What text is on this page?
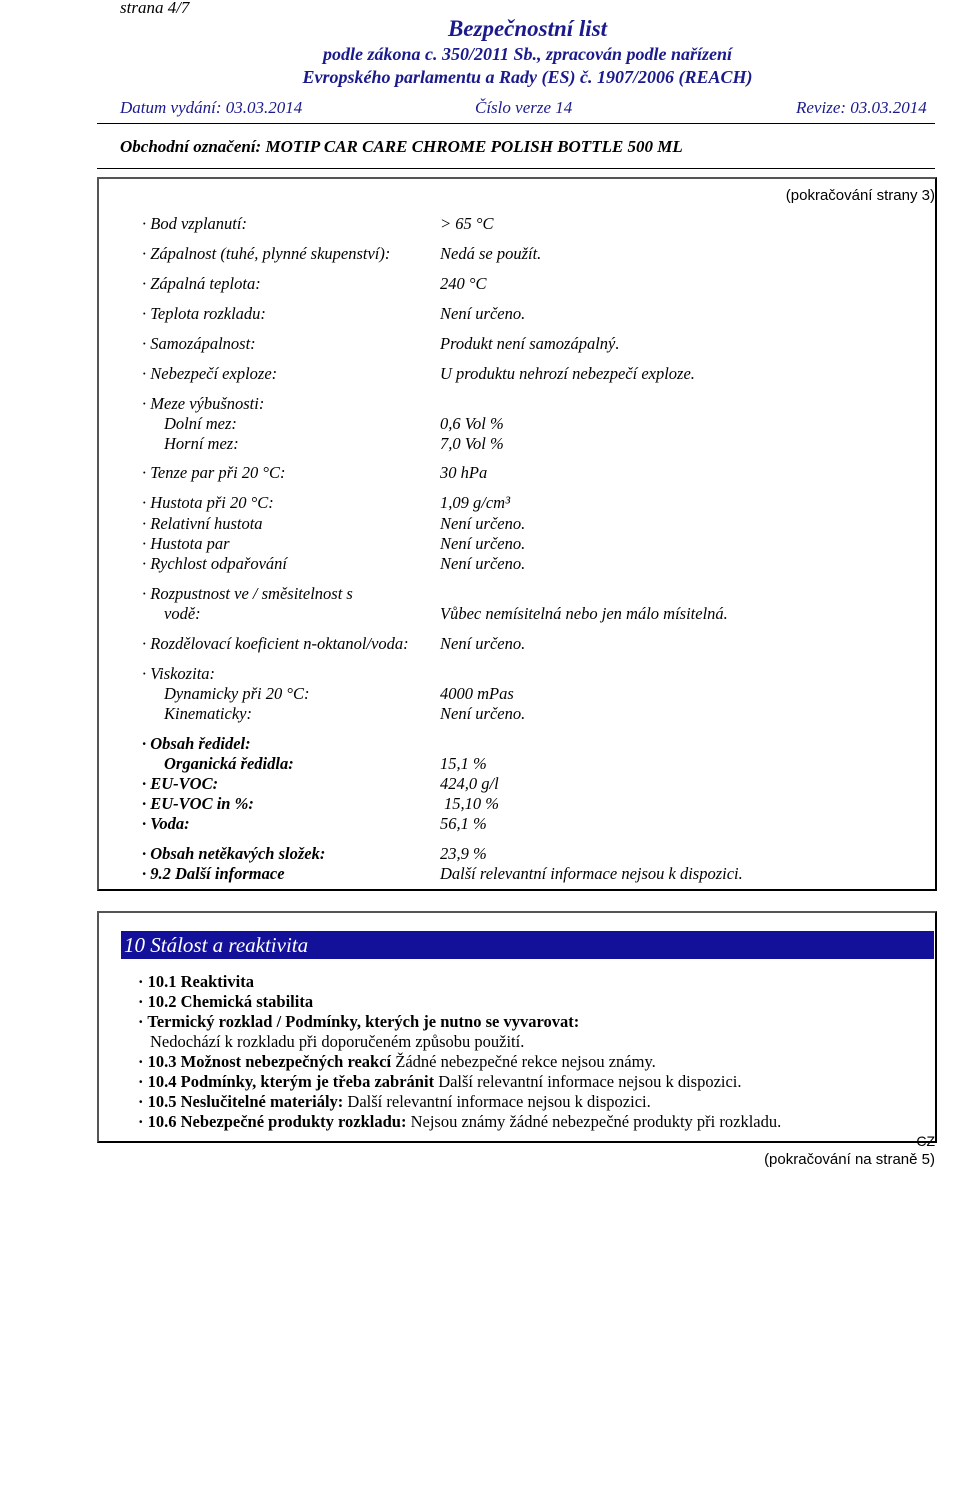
strana 4/7
Bezpečnostní list
podle zákona c. 350/2011 Sb., zpracován podle nařízení
Evropského parlamentu a Rady (ES) č. 1907/2006 (REACH)
Datum vydání: 03.03.2014	Číslo verze 14	Revize: 03.03.2014
Obchodní označení: MOTIP CAR CARE CHROME POLISH BOTTLE 500 ML
(pokračování strany 3)
· Bod vzplanutí:	> 65 °C
· Zápalnost (tuhé, plynné skupenství):	Nedá se použít.
· Zápalná teplota:	240 °C
· Teplota rozkladu:	Není určeno.
· Samozápalnost:	Produkt není samozápalný.
· Nebezpečí exploze:	U produktu nehrozí nebezpečí exploze.
· Meze výbušnosti:
Dolní mez:	0,6 Vol %
Horní mez:	7,0 Vol %
· Tenze par při 20 °C:	30 hPa
· Hustota při 20 °C:	1,09 g/cm³
· Relativní hustota	Není určeno.
· Hustota par	Není určeno.
· Rychlost odpařování	Není určeno.
· Rozpustnost ve / směsitelnost s
vodě:	Vůbec nemísitelná nebo jen málo mísitelná.
· Rozdělovací koeficient n-oktanol/voda: Není určeno.
· Viskozita:
Dynamicky při 20 °C:	4000 mPas
Kinematicky:	Není určeno.
· Obsah ředidel:
Organická ředidla:	15,1 %
· EU-VOC:	424,0 g/l
· EU-VOC in %:	15,10 %
· Voda:	56,1 %
· Obsah netěkavých složek:	23,9 %
· 9.2 Další informace	Další relevantní informace nejsou k dispozici.
10 Stálost a reaktivita
· 10.1 Reaktivita
· 10.2 Chemická stabilita
· Termický rozklad / Podmínky, kterých je nutno se vyvarovat:
Nedochází k rozkladu při doporučeném způsobu použití.
· 10.3 Možnost nebezpečných reakcí Žádné nebezpečné rekce nejsou známy.
· 10.4 Podmínky, kterým je třeba zabránit Další relevantní informace nejsou k dispozici.
· 10.5 Neslučitelné materiály: Další relevantní informace nejsou k dispozici.
· 10.6 Nebezpečné produkty rozkladu: Nejsou známy žádné nebezpečné produkty při rozkladu.
CZ
(pokračování na straně 5)
